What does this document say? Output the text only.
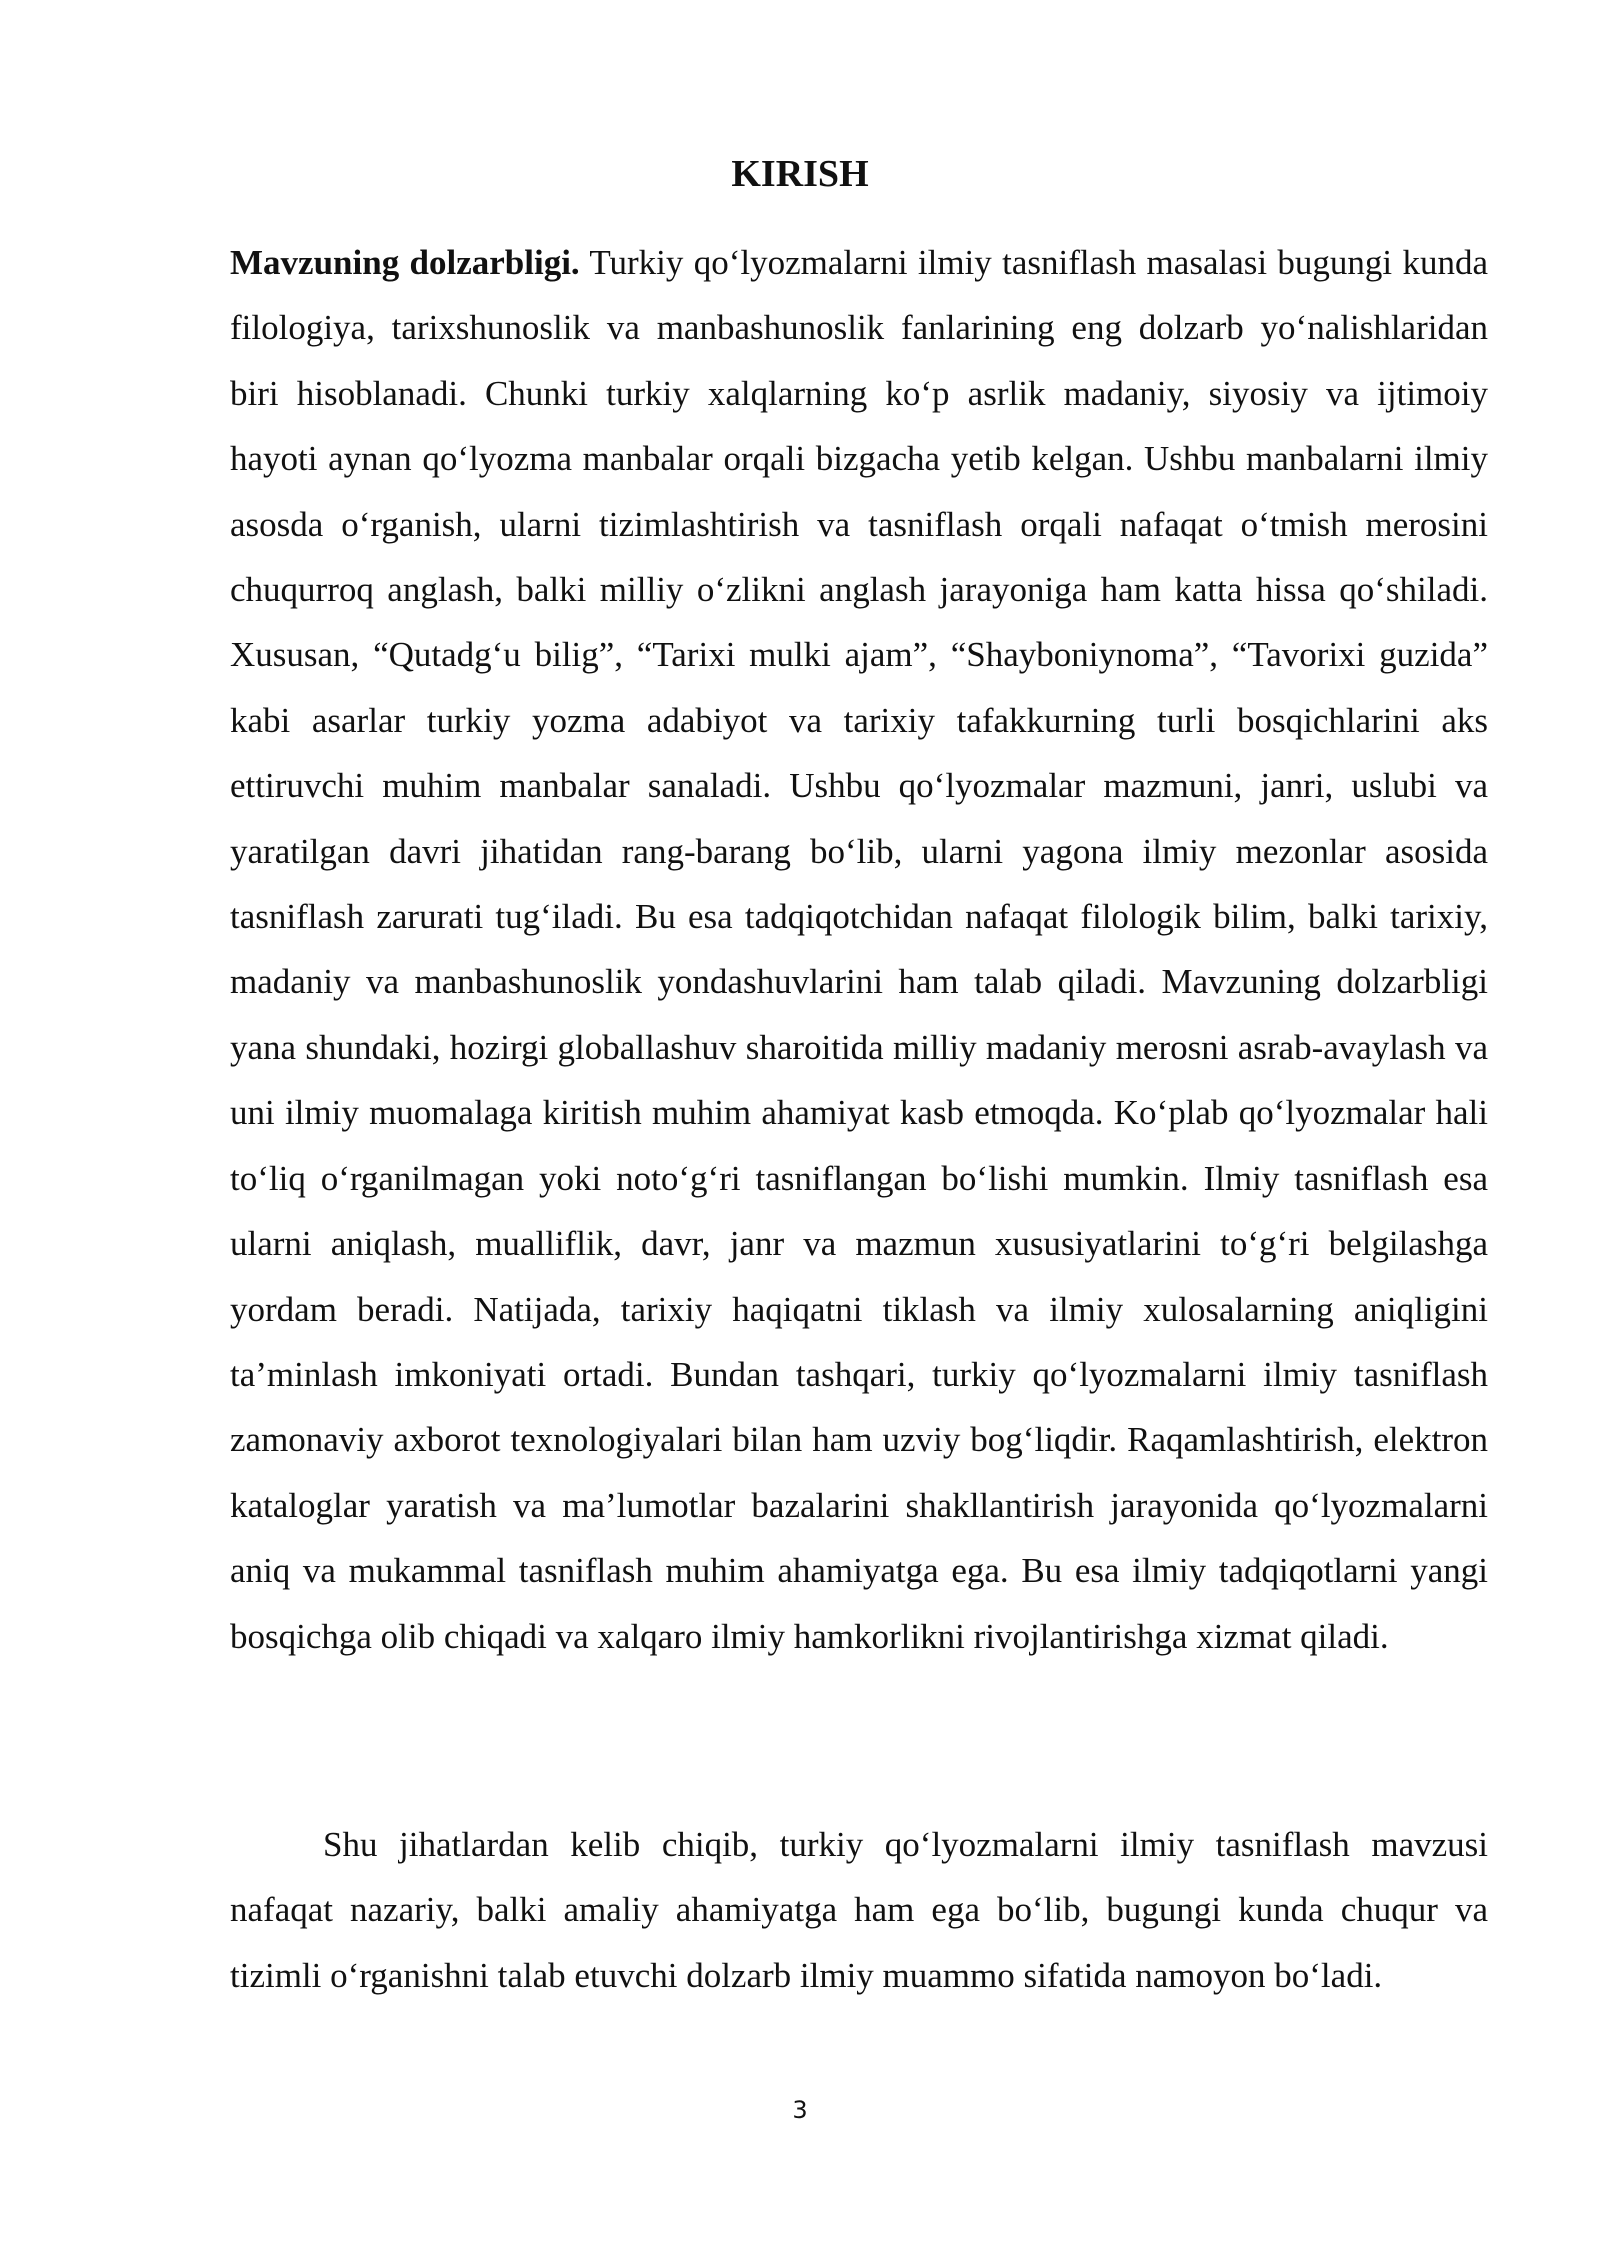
KIRISH

Mavzuning dolzarbligi. Turkiy qo‘lyozmalarni ilmiy tasniflash masalasi bugungi kunda filologiya, tarixshunoslik va manbashunoslik fanlarining eng dolzarb yo‘nalishlaridan biri hisoblanadi. Chunki turkiy xalqlarning ko‘p asrlik madaniy, siyosiy va ijtimoiy hayoti aynan qo‘lyozma manbalar orqali bizgacha yetib kelgan. Ushbu manbalarni ilmiy asosda o‘rganish, ularni tizimlashtirish va tasniflash orqali nafaqat o‘tmish merosini chuqurroq anglash, balki milliy o‘zlikni anglash jarayoniga ham katta hissa qo‘shiladi. Xususan, “Qutadg‘u bilig”, “Tarixi mulki ajam”, “Shayboniynoma”, “Tavorixi guzida” kabi asarlar turkiy yozma adabiyot va tarixiy tafakkurning turli bosqichlarini aks ettiruvchi muhim manbalar sanaladi. Ushbu qo‘lyozmalar mazmuni, janri, uslubi va yaratilgan davri jihatidan rang-barang bo‘lib, ularni yagona ilmiy mezonlar asosida tasniflash zarurati tug‘iladi. Bu esa tadqiqotchidan nafaqat filologik bilim, balki tarixiy, madaniy va manbashunoslik yondashuvlarini ham talab qiladi. Mavzuning dolzarbligi yana shundaki, hozirgi globallashuv sharoitida milliy madaniy merosni asrab-avaylash va uni ilmiy muomalaga kiritish muhim ahamiyat kasb etmoqda. Ko‘plab qo‘lyozmalar hali to‘liq o‘rganilmagan yoki noto‘g‘ri tasniflangan bo‘lishi mumkin. Ilmiy tasniflash esa ularni aniqlash, mualliflik, davr, janr va mazmun xususiyatlarini to‘g‘ri belgilashga yordam beradi. Natijada, tarixiy haqiqatni tiklash va ilmiy xulosalarning aniqligini ta’minlash imkoniyati ortadi. Bundan tashqari, turkiy qo‘lyozmalarni ilmiy tasniflash zamonaviy axborot texnologiyalari bilan ham uzviy bog‘liqdir. Raqamlashtirish, elektron kataloglar yaratish va ma’lumotlar bazalarini shakllantirish jarayonida qo‘lyozmalarni aniq va mukammal tasniflash muhim ahamiyatga ega. Bu esa ilmiy tadqiqotlarni yangi bosqichga olib chiqadi va xalqaro ilmiy hamkorlikni rivojlantirishga xizmat qiladi.

Shu jihatlardan kelib chiqib, turkiy qo‘lyozmalarni ilmiy tasniflash mavzusi nafaqat nazariy, balki amaliy ahamiyatga ham ega bo‘lib, bugungi kunda chuqur va tizimli o‘rganishni talab etuvchi dolzarb ilmiy muammo sifatida namoyon bo‘ladi.

3
